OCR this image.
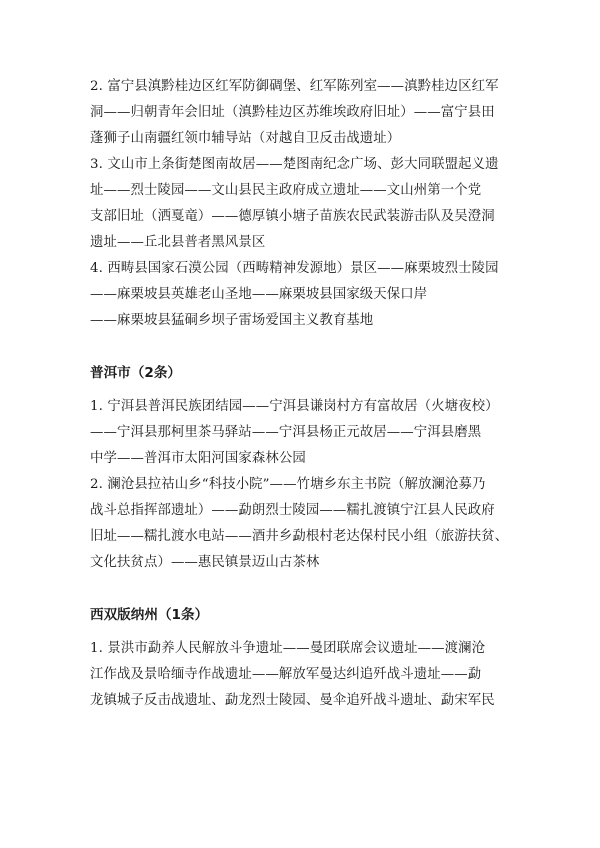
2. 富宁县滇黔桂边区红军防御碉堡、红军陈列室——滇黔桂边区红军
洞——归朝青年会旧址（滇黔桂边区苏维埃政府旧址）——富宁县田
蓬狮子山南疆红领巾辅导站（对越自卫反击战遗址）

3. 文山市上条街楚图南故居——楚图南纪念广场、彭大同联盟起义遗
址——烈士陵园——文山县民主政府成立遗址——文山州第一个党
支部旧址（洒戛竜）——德厚镇小塘子苗族农民武装游击队及吴澄洞
遗址——丘北县普者黑风景区

4. 西畴县国家石漠公园（西畴精神发源地）景区——麻栗坡烈士陵园
——麻栗坡县英雄老山圣地——麻栗坡县国家级天保口岸
——麻栗坡县猛硐乡坝子雷场爱国主义教育基地

普洱市（2条）

1. 宁洱县普洱民族团结园——宁洱县谦岗村方有富故居（火塘夜校）
——宁洱县那柯里茶马驿站——宁洱县杨正元故居——宁洱县磨黑
中学——普洱市太阳河国家森林公园

2. 澜沧县拉祜山乡“科技小院”——竹塘乡东主书院（解放澜沧募乃
战斗总指挥部遗址）——勐朗烈士陵园——糯扎渡镇宁江县人民政府
旧址——糯扎渡水电站——酒井乡勐根村老达保村民小组（旅游扶贫、
文化扶贫点）——惠民镇景迈山古茶林

西双版纳州（1条）

1. 景洪市勐养人民解放斗争遗址——曼团联席会议遗址——渡澜沧
江作战及景哈缅寺作战遗址——解放军曼达纠追歼战斗遗址——勐
龙镇城子反击战遗址、勐龙烈士陵园、曼伞追歼战斗遗址、勐宋军民
